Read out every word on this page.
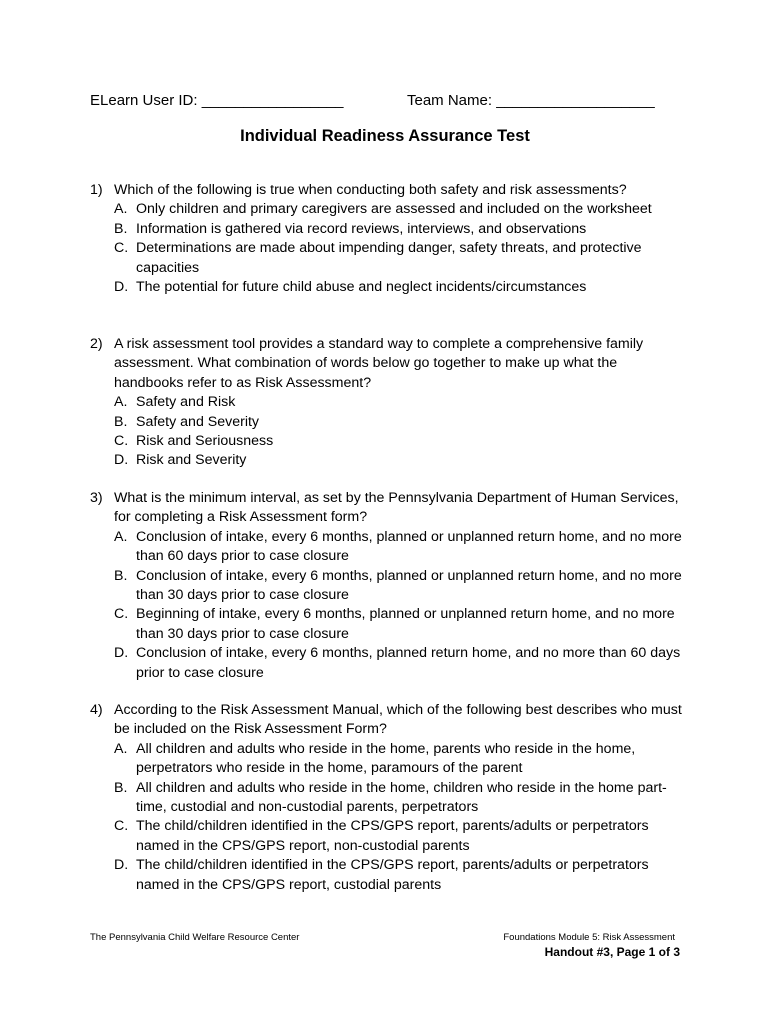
ELearn User ID: _________________	Team Name: ___________________
Individual Readiness Assurance Test
1) Which of the following is true when conducting both safety and risk assessments?
A. Only children and primary caregivers are assessed and included on the worksheet
B. Information is gathered via record reviews, interviews, and observations
C. Determinations are made about impending danger, safety threats, and protective capacities
D. The potential for future child abuse and neglect incidents/circumstances
2) A risk assessment tool provides a standard way to complete a comprehensive family assessment. What combination of words below go together to make up what the handbooks refer to as Risk Assessment?
A. Safety and Risk
B. Safety and Severity
C. Risk and Seriousness
D. Risk and Severity
3) What is the minimum interval, as set by the Pennsylvania Department of Human Services, for completing a Risk Assessment form?
A. Conclusion of intake, every 6 months, planned or unplanned return home, and no more than 60 days prior to case closure
B. Conclusion of intake, every 6 months, planned or unplanned return home, and no more than 30 days prior to case closure
C. Beginning of intake, every 6 months, planned or unplanned return home, and no more than 30 days prior to case closure
D. Conclusion of intake, every 6 months, planned return home, and no more than 60 days prior to case closure
4) According to the Risk Assessment Manual, which of the following best describes who must be included on the Risk Assessment Form?
A. All children and adults who reside in the home, parents who reside in the home, perpetrators who reside in the home, paramours of the parent
B. All children and adults who reside in the home, children who reside in the home part-time, custodial and non-custodial parents, perpetrators
C. The child/children identified in the CPS/GPS report, parents/adults or perpetrators named in the CPS/GPS report, non-custodial parents
D. The child/children identified in the CPS/GPS report, parents/adults or perpetrators named in the CPS/GPS report, custodial parents
The Pennsylvania Child Welfare Resource Center	Foundations Module 5: Risk Assessment
Handout #3, Page 1 of 3
